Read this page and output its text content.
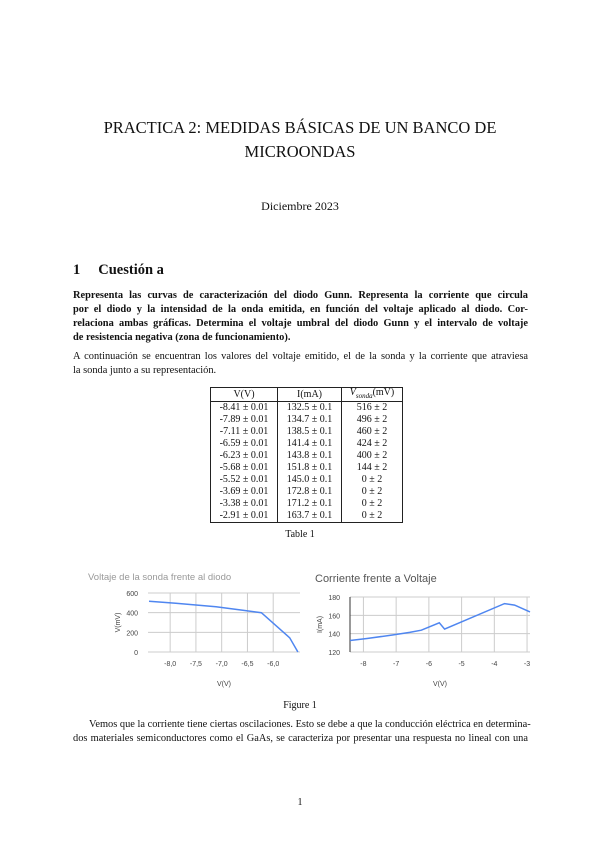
PRACTICA 2: MEDIDAS BÁSICAS DE UN BANCO DE
MICROONDAS
Diciembre 2023
1 Cuestión a
Representa las curvas de caracterización del diodo Gunn. Representa la corriente que circula
por el diodo y la intensidad de la onda emitida, en función del voltaje aplicado al diodo. Cor-
relaciona ambas gráficas. Determina el voltaje umbral del diodo Gunn y el intervalo de voltaje
de resistencia negativa (zona de funcionamiento).
A continuación se encuentran los valores del voltaje emitido, el de la sonda y la corriente que atraviesa
la sonda junto a su representación.
V(V)	I(mA)	$V_{sonda}(mV)$
-8.41 ± 0.01	132.5 ± 0.1	516 ± 2
-7.89 ± 0.01	134.7 ± 0.1	496 ± 2
-7.11 ± 0.01	138.5 ± 0.1	460 ± 2
-6.59 ± 0.01	141.4 ± 0.1	424 ± 2
-6.23 ± 0.01	143.8 ± 0.1	400 ± 2
-5.68 ± 0.01	151.8 ± 0.1	144 ± 2
-5.52 ± 0.01	145.0 ± 0.1	0 ± 2
-3.69 ± 0.01	172.8 ± 0.1	0 ± 2
-3.38 ± 0.01	171.2 ± 0.1	0 ± 2
-2.91 ± 0.01	163.7 ± 0.1	0 ± 2
Table 1
Voltaje de la sonda frente al diodo
0
200
400
600
-8,0 -7,5 -7,0 -6,5 -6,0
V(V)
V(mV)
Corriente frente a Voltaje
120
140
160
180
-8	-7	-6	-5	-4	-3
V(V)
I(mA)
Figure 1
Vemos que la corriente tiene ciertas oscilaciones. Esto se debe a que la conducción eléctrica en determina-
dos materiales semiconductores como el GaAs, se caracteriza por presentar una respuesta no lineal con una
1
